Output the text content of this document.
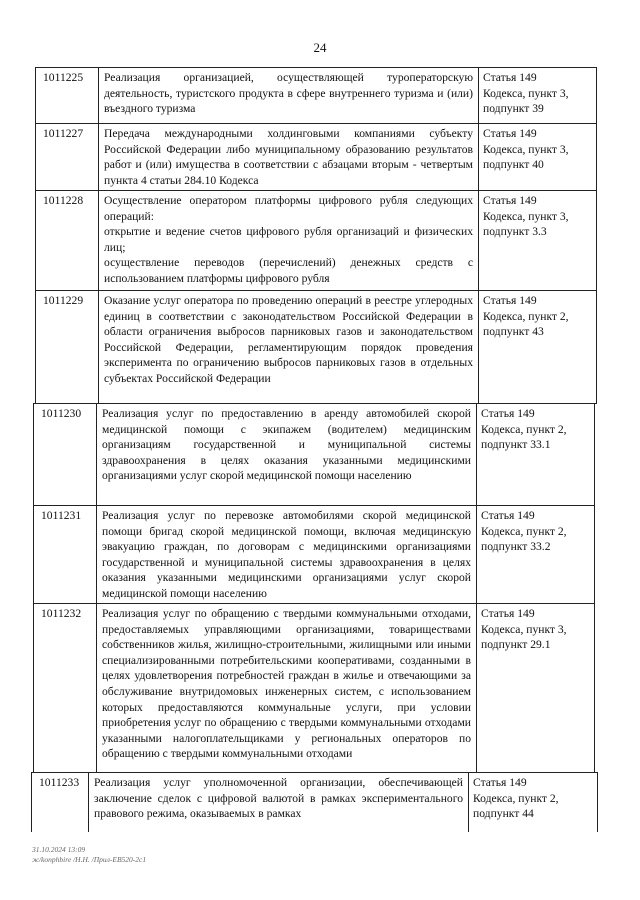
24
1011225	Реализация организацией, осуществляющей туроператорскую деятельность, туристского продукта в сфере внутреннего туризма и (или) въездного туризма

Статья 149
Кодекса, пункт 3,
подпункт 39
1011227	Передача международными холдинговыми компаниями субъекту Российской Федерации либо муниципальному образованию результатов работ и (или) имущества в соответствии с абзацами вторым - четвертым пункта 4 статьи 284.10 Кодекса

Статья 149
Кодекса, пункт 3,
подпункт 40
1011228	Осуществление оператором платформы цифрового рубля следующих операций:

открытие и ведение счетов цифрового рубля организаций и физических лиц;

осуществление переводов (перечислений) денежных средств с использованием платформы цифрового рубля

Статья 149
Кодекса, пункт 3,
подпункт 3.3
1011229	Оказание услуг оператора по проведению операций в реестре углеродных единиц в соответствии с законодательством Российской Федерации в области ограничения выбросов парниковых газов и законодательством Российской Федерации, регламентирующим порядок проведения эксперимента по ограничению выбросов парниковых газов в отдельных субъектах Российской Федерации

Статья 149
Кодекса, пункт 2,
подпункт 43
1011230	Реализация услуг по предоставлению в аренду автомобилей скорой медицинской помощи с экипажем (водителем) медицинским организациям государственной и муниципальной системы здравоохранения в целях оказания указанными медицинскими организациями услуг скорой медицинской помощи населению

Статья 149
Кодекса, пункт 2,
подпункт 33.1
1011231	Реализация услуг по перевозке автомобилями скорой медицинской помощи бригад скорой медицинской помощи, включая медицинскую эвакуацию граждан, по договорам с медицинскими организациями государственной и муниципальной системы здравоохранения в целях оказания указанными медицинскими организациями услуг скорой медицинской помощи населению

Статья 149
Кодекса, пункт 2,
подпункт 33.2
1011232	Реализация услуг по обращению с твердыми коммунальными отходами, предоставляемых управляющими организациями, товариществами собственников жилья, жилищно-строительными, жилищными или иными специализированными потребительскими кооперативами, созданными в целях удовлетворения потребностей граждан в жилье и отвечающими за обслуживание внутридомовых инженерных систем, с использованием которых предоставляются коммунальные услуги, при условии приобретения услуг по обращению с твердыми коммунальными отходами указанными налогоплательщиками у региональных операторов по обращению с твердыми коммунальными отходами

Статья 149
Кодекса, пункт 3,
подпункт 29.1
1011233	Реализация услуг уполномоченной организации, обеспечивающей заключение сделок с цифровой валютой в рамках экспериментального правового режима, оказываемых в рамках

Статья 149
Кодекса, пункт 2,
подпункт 44
31.10.2024 13:09
ж/konphbire /Н.Н. /Прил-ЕВ520-2с1
